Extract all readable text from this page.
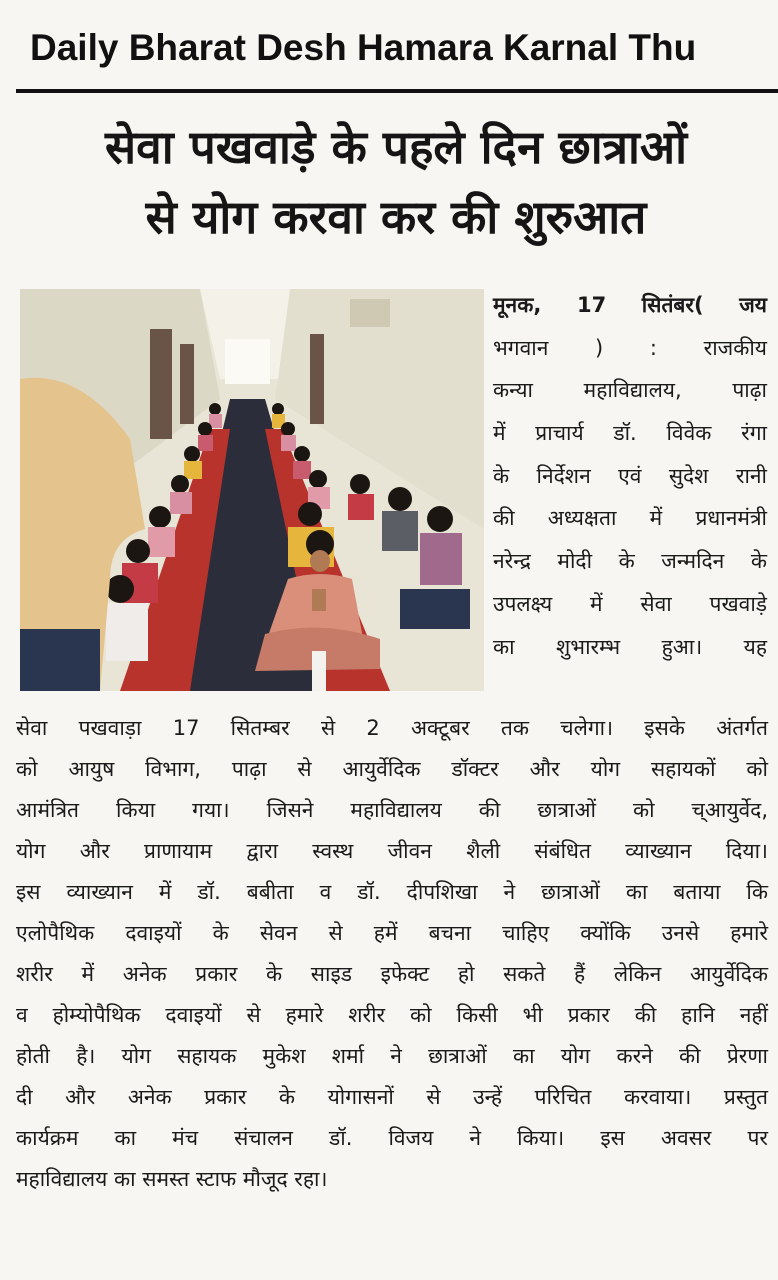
Daily Bharat Desh Hamara Karnal Thu
सेवा पखवाड़े के पहले दिन छात्राओं
से योग करवा कर की शुरुआत
मूनक, 17 सितंबर( जय
भगवान ) : राजकीय
कन्या महाविद्यालय, पाढ़ा
में प्राचार्य डॉ. विवेक रंगा
के निर्देशन एवं सुदेश रानी
की अध्यक्षता में प्रधानमंत्री
नरेन्द्र मोदी के जन्मदिन के
उपलक्ष्य में सेवा पखवाड़े
का शुभारम्भ हुआ। यह
सेवा पखवाड़ा 17 सितम्बर से 2 अक्टूबर तक चलेगा। इसके अंतर्गत
को आयुष विभाग, पाढ़ा से आयुर्वेदिक डॉक्टर और योग सहायकों को
आमंत्रित किया गया। जिसने महाविद्यालय की छात्राओं को च्आयुर्वेद,
योग और प्राणायाम द्वारा स्वस्थ जीवन शैली संबंधित व्याख्यान दिया।
इस व्याख्यान में डॉ. बबीता व डॉ. दीपशिखा ने छात्राओं का बताया कि
एलोपैथिक दवाइयों के सेवन से हमें बचना चाहिए क्योंकि उनसे हमारे
शरीर में अनेक प्रकार के साइड इफेक्ट हो सकते हैं लेकिन आयुर्वेदिक
व होम्योपैथिक दवाइयों से हमारे शरीर को किसी भी प्रकार की हानि नहीं
होती है। योग सहायक मुकेश शर्मा ने छात्राओं का योग करने की प्रेरणा
दी और अनेक प्रकार के योगासनों से उन्हें परिचित करवाया। प्रस्तुत
कार्यक्रम का मंच संचालन डॉ. विजय ने किया। इस अवसर पर
महाविद्यालय का समस्त स्टाफ मौजूद रहा।
